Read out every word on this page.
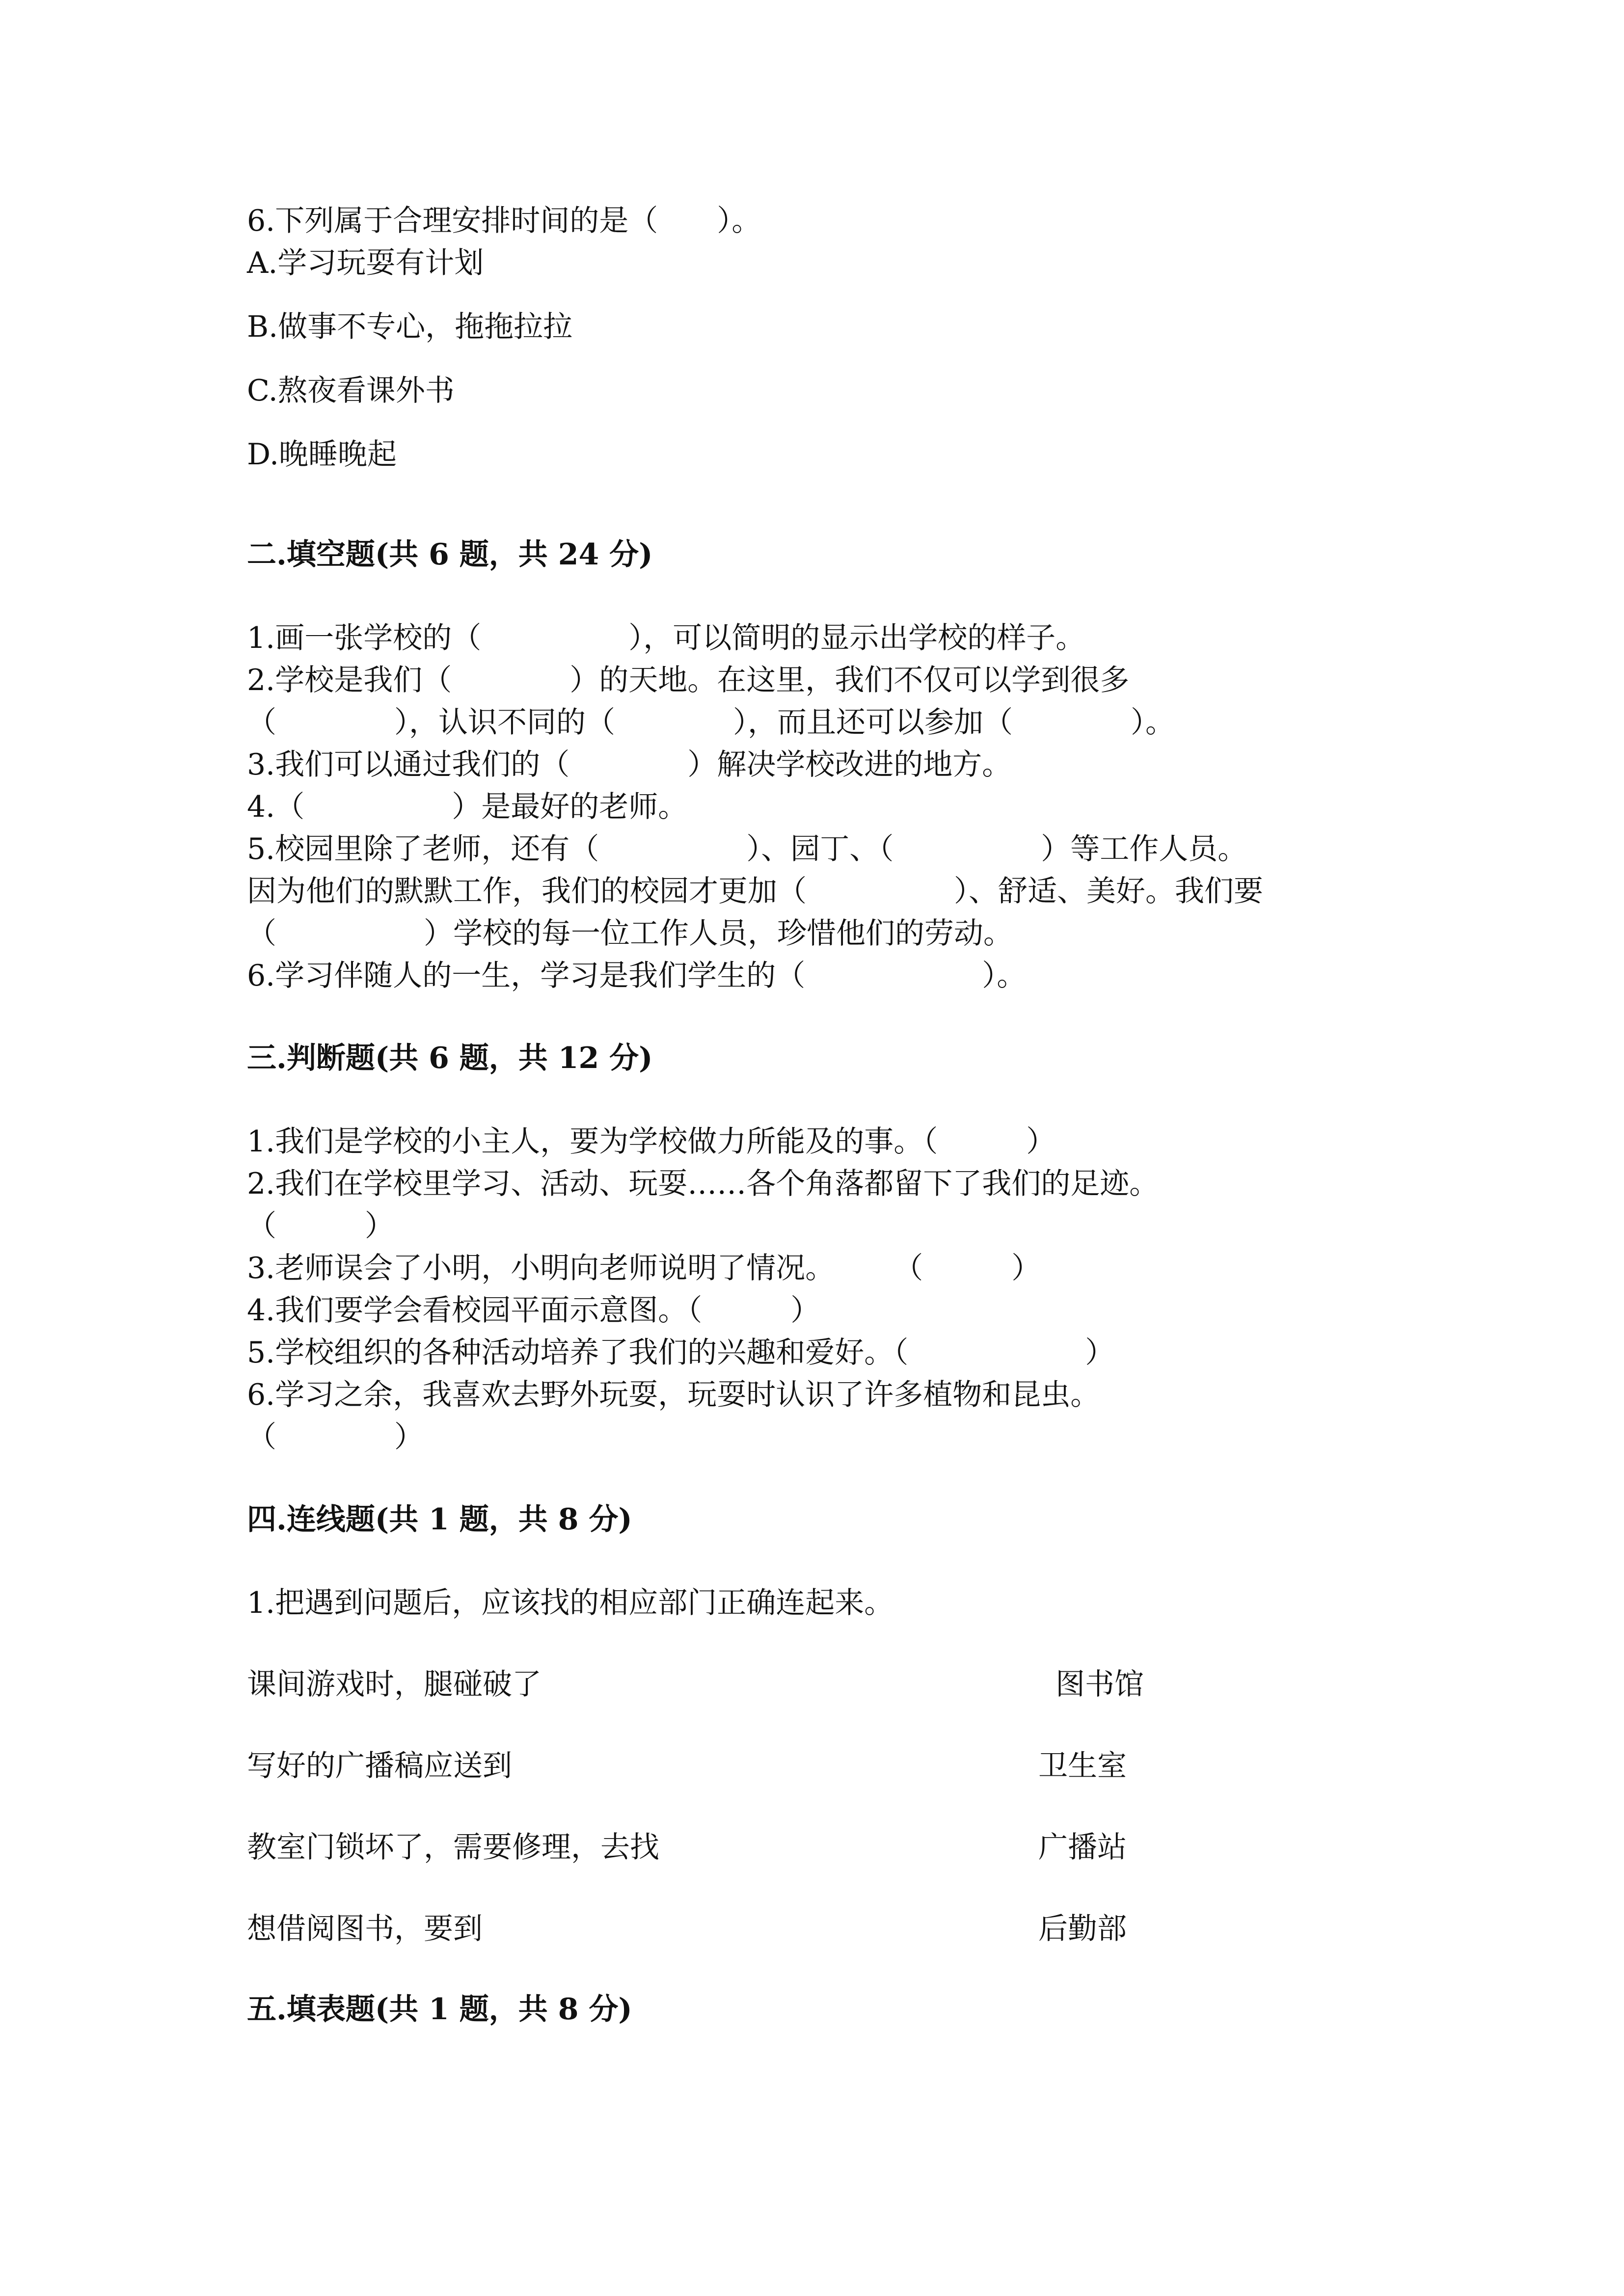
6.下列属于合理安排时间的是（　　）。

A.学习玩耍有计划

B.做事不专心，拖拖拉拉

C.熬夜看课外书

D.晚睡晚起

二.填空题(共 6 题，共 24 分)

1.画一张学校的（　　　　　），可以简明的显示出学校的样子。

2.学校是我们（　　　　）的天地。在这里，我们不仅可以学到很多

（　　　　），认识不同的（　　　　），而且还可以参加（　　　　）。

3.我们可以通过我们的（　　　　）解决学校改进的地方。

4.（　　　　　）是最好的老师。

5.校园里除了老师，还有（　　　　　）、园丁、（　　　　　）等工作人员。

因为他们的默默工作，我们的校园才更加（　　　　　）、舒适、美好。我们要

（　　　　　）学校的每一位工作人员，珍惜他们的劳动。

6.学习伴随人的一生，学习是我们学生的（　　　　　　）。

三.判断题(共 6 题，共 12 分)

1.我们是学校的小主人，要为学校做力所能及的事。（　　　）

2.我们在学校里学习、活动、玩耍……各个角落都留下了我们的足迹。

（　　　）

3.老师误会了小明，小明向老师说明了情况。　　　（　　　）

4.我们要学会看校园平面示意图。（　　　）

5.学校组织的各种活动培养了我们的兴趣和爱好。（　　　　　　）

6.学习之余，我喜欢去野外玩耍，玩耍时认识了许多植物和昆虫。

（　　　　）

四.连线题(共 1 题，共 8 分)

1.把遇到问题后，应该找的相应部门正确连起来。

课间游戏时，腿碰破了	图书馆

写好的广播稿应送到	卫生室

教室门锁坏了，需要修理，去找	广播站

想借阅图书，要到	后勤部

五.填表题(共 1 题，共 8 分)
